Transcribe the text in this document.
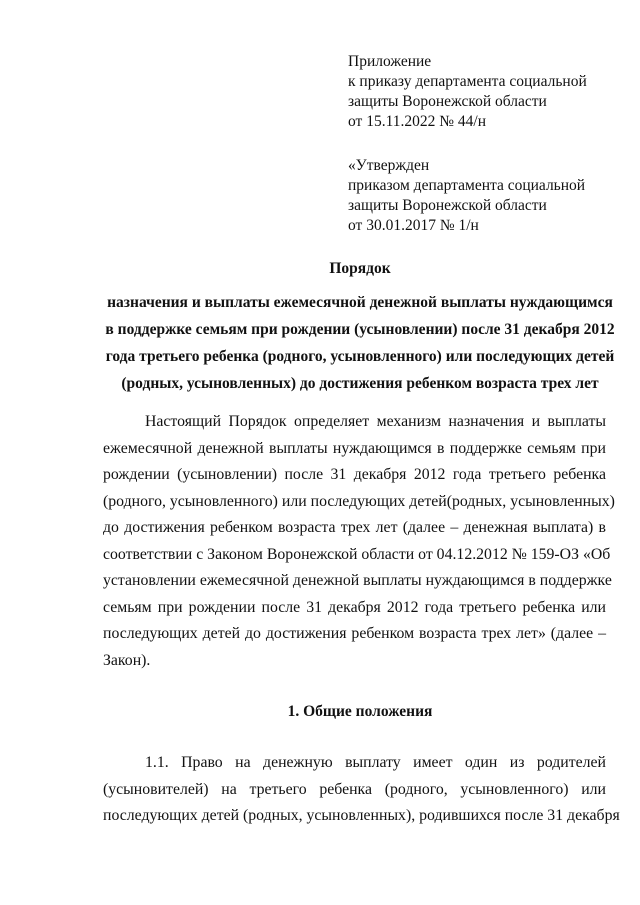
Приложение
к приказу департамента социальной
защиты Воронежской области
от 15.11.2022 № 44/н
«Утвержден
приказом департамента социальной
защиты Воронежской области
от 30.01.2017 № 1/н
Порядок
назначения и выплаты ежемесячной денежной выплаты нуждающимся
в поддержке семьям при рождении (усыновлении) после 31 декабря 2012
года третьего ребенка (родного, усыновленного) или последующих детей
(родных, усыновленных) до достижения ребенком возраста трех лет
Настоящий Порядок определяет механизм назначения и выплаты
ежемесячной денежной выплаты нуждающимся в поддержке семьям при
рождении (усыновлении) после 31 декабря 2012 года третьего ребенка
(родного, усыновленного) или последующих детей(родных, усыновленных)
до достижения ребенком возраста трех лет (далее – денежная выплата) в
соответствии с Законом Воронежской области от 04.12.2012 № 159-ОЗ «Об
установлении ежемесячной денежной выплаты нуждающимся в поддержке
семьям при рождении после 31 декабря 2012 года третьего ребенка или
последующих детей до достижения ребенком возраста трех лет» (далее –
Закон).
1. Общие положения
1.1. Право на денежную выплату имеет один из родителей
(усыновителей) на третьего ребенка (родного, усыновленного) или
последующих детей (родных, усыновленных), родившихся после 31 декабря
